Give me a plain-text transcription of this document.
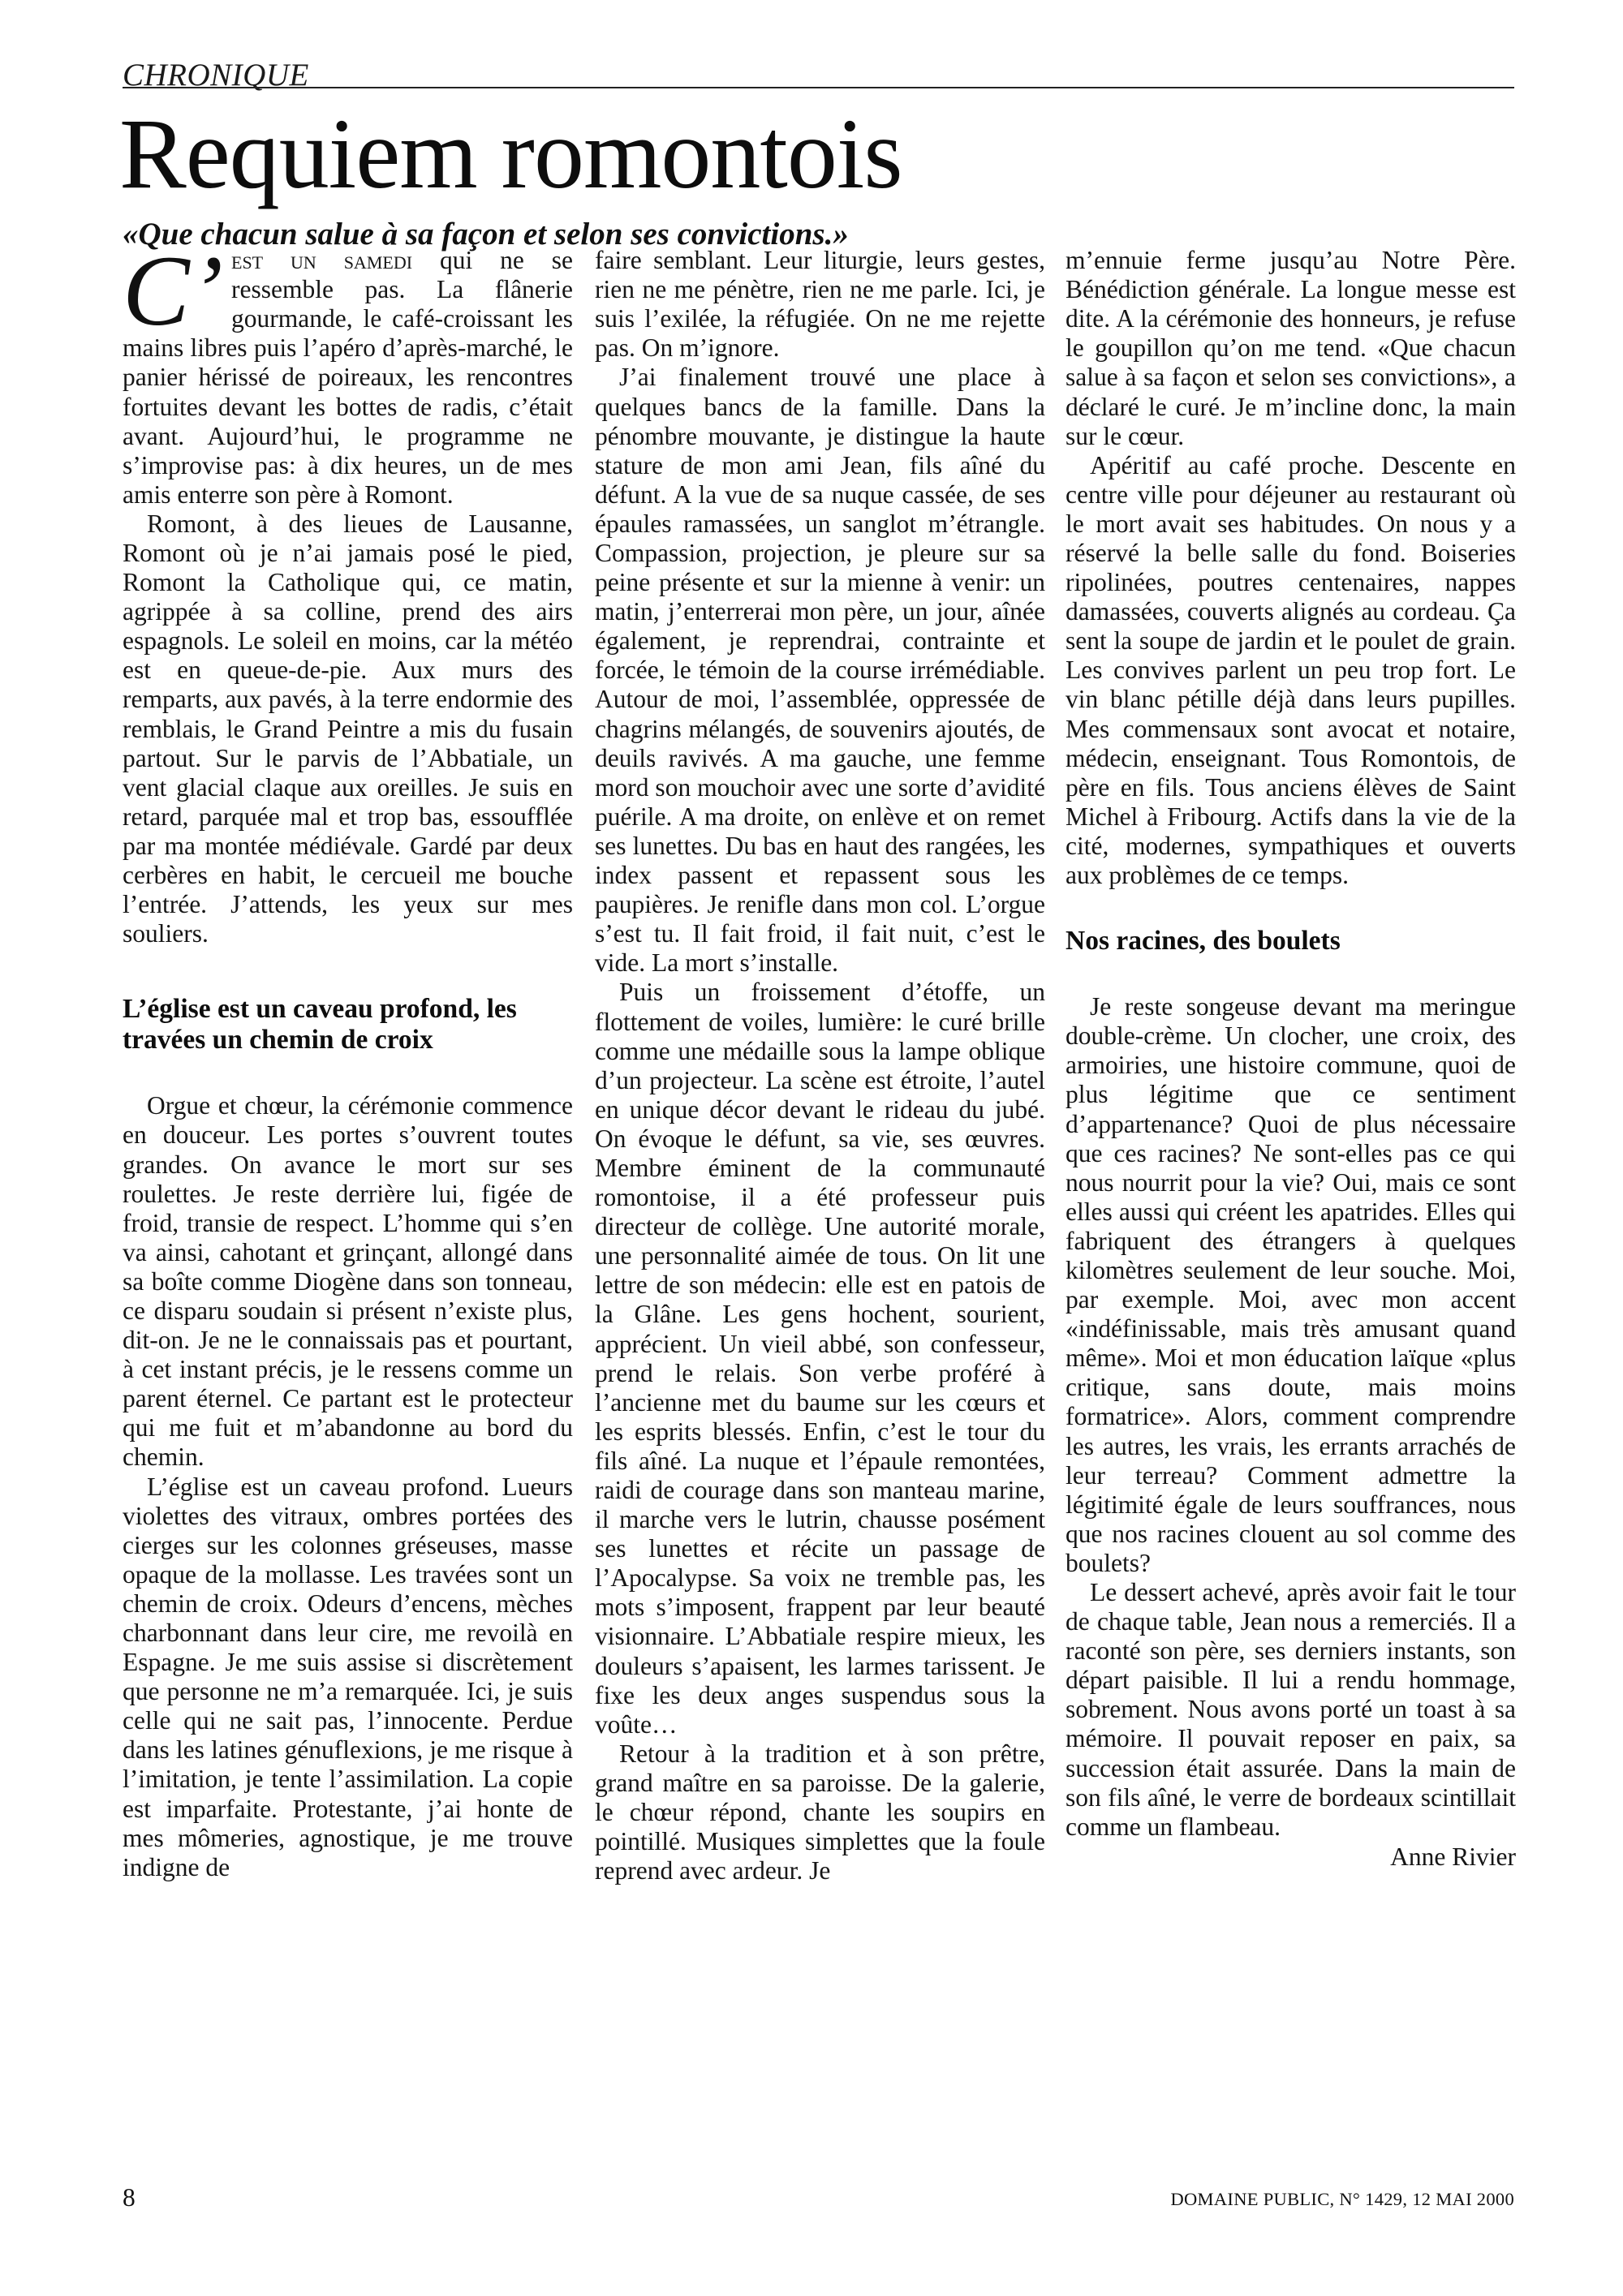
CHRONIQUE
Requiem romontois
«Que chacun salue à sa façon et selon ses convictions.»

C’ est un samedi qui ne se ressemble pas. La flânerie gourmande, le café-croissant les mains libres puis l’apéro d’après-marché, le panier hérissé de poireaux, les rencontres fortuites devant les bottes de radis, c’était avant. Aujourd’hui, le programme ne s’improvise pas: à dix heures, un de mes amis enterre son père à Romont.

Romont, à des lieues de Lausanne, Romont où je n’ai jamais posé le pied, Romont la Catholique qui, ce matin, agrippée à sa colline, prend des airs espagnols. Le soleil en moins, car la météo est en queue-de-pie. Aux murs des remparts, aux pavés, à la terre endormie des remblais, le Grand Peintre a mis du fusain partout. Sur le parvis de l’Abbatiale, un vent glacial claque aux oreilles. Je suis en retard, parquée mal et trop bas, essoufflée par ma montée médiévale. Gardé par deux cerbères en habit, le cercueil me bouche l’entrée. J’attends, les yeux sur mes souliers.

L’église est un caveau profond, les travées un chemin de croix

Orgue et chœur, la cérémonie commence en douceur. Les portes s’ouvrent toutes grandes. On avance le mort sur ses roulettes. Je reste derrière lui, figée de froid, transie de respect. L’homme qui s’en va ainsi, cahotant et grinçant, allongé dans sa boîte comme Diogène dans son tonneau, ce disparu soudain si présent n’existe plus, dit-on. Je ne le connaissais pas et pourtant, à cet instant précis, je le ressens comme un parent éternel. Ce partant est le protecteur qui me fuit et m’abandonne au bord du chemin.

L’église est un caveau profond. Lueurs violettes des vitraux, ombres portées des cierges sur les colonnes gréseuses, masse opaque de la mollasse. Les travées sont un chemin de croix. Odeurs d’encens, mèches charbonnant dans leur cire, me revoilà en Espagne. Je me suis assise si discrètement que personne ne m’a remarquée. Ici, je suis celle qui ne sait pas, l’innocente. Perdue dans les latines génuflexions, je me risque à l’imitation, je tente l’assimilation. La copie est imparfaite. Protestante, j’ai honte de mes mômeries, agnostique, je me trouve indigne de

faire semblant. Leur liturgie, leurs gestes, rien ne me pénètre, rien ne me parle. Ici, je suis l’exilée, la réfugiée. On ne me rejette pas. On m’ignore.

J’ai finalement trouvé une place à quelques bancs de la famille. Dans la pénombre mouvante, je distingue la haute stature de mon ami Jean, fils aîné du défunt. A la vue de sa nuque cassée, de ses épaules ramassées, un sanglot m’étrangle. Compassion, projection, je pleure sur sa peine présente et sur la mienne à venir: un matin, j’enterrerai mon père, un jour, aînée également, je reprendrai, contrainte et forcée, le témoin de la course irrémédiable. Autour de moi, l’assemblée, oppressée de chagrins mélangés, de souvenirs ajoutés, de deuils ravivés. A ma gauche, une femme mord son mouchoir avec une sorte d’avidité puérile. A ma droite, on enlève et on remet ses lunettes. Du bas en haut des rangées, les index passent et repassent sous les paupières. Je renifle dans mon col. L’orgue s’est tu. Il fait froid, il fait nuit, c’est le vide. La mort s’installe.

Puis un froissement d’étoffe, un flottement de voiles, lumière: le curé brille comme une médaille sous la lampe oblique d’un projecteur. La scène est étroite, l’autel en unique décor devant le rideau du jubé. On évoque le défunt, sa vie, ses œuvres. Membre éminent de la communauté romontoise, il a été professeur puis directeur de collège. Une autorité morale, une personnalité aimée de tous. On lit une lettre de son médecin: elle est en patois de la Glâne. Les gens hochent, sourient, apprécient. Un vieil abbé, son confesseur, prend le relais. Son verbe proféré à l’ancienne met du baume sur les cœurs et les esprits blessés. Enfin, c’est le tour du fils aîné. La nuque et l’épaule remontées, raidi de courage dans son manteau marine, il marche vers le lutrin, chausse posément ses lunettes et récite un passage de l’Apocalypse. Sa voix ne tremble pas, les mots s’imposent, frappent par leur beauté visionnaire. L’Abbatiale respire mieux, les douleurs s’apaisent, les larmes tarissent. Je fixe les deux anges suspendus sous la voûte…

Retour à la tradition et à son prêtre, grand maître en sa paroisse. De la galerie, le chœur répond, chante les soupirs en pointillé. Musiques simplettes que la foule reprend avec ardeur. Je

m’ennuie ferme jusqu’au Notre Père. Bénédiction générale. La longue messe est dite. A la cérémonie des honneurs, je refuse le goupillon qu’on me tend. «Que chacun salue à sa façon et selon ses convictions», a déclaré le curé. Je m’incline donc, la main sur le cœur.

Apéritif au café proche. Descente en centre ville pour déjeuner au restaurant où le mort avait ses habitudes. On nous y a réservé la belle salle du fond. Boiseries ripolinées, poutres centenaires, nappes damassées, couverts alignés au cordeau. Ça sent la soupe de jardin et le poulet de grain. Les convives parlent un peu trop fort. Le vin blanc pétille déjà dans leurs pupilles. Mes commensaux sont avocat et notaire, médecin, enseignant. Tous Romontois, de père en fils. Tous anciens élèves de Saint Michel à Fribourg. Actifs dans la vie de la cité, modernes, sympathiques et ouverts aux problèmes de ce temps.

Nos racines, des boulets

Je reste songeuse devant ma meringue double-crème. Un clocher, une croix, des armoiries, une histoire commune, quoi de plus légitime que ce sentiment d’appartenance? Quoi de plus nécessaire que ces racines? Ne sont-elles pas ce qui nous nourrit pour la vie? Oui, mais ce sont elles aussi qui créent les apatrides. Elles qui fabriquent des étrangers à quelques kilomètres seulement de leur souche. Moi, par exemple. Moi, avec mon accent «indéfinissable, mais très amusant quand même». Moi et mon éducation laïque «plus critique, sans doute, mais moins formatrice». Alors, comment comprendre les autres, les vrais, les errants arrachés de leur terreau? Comment admettre la légitimité égale de leurs souffrances, nous que nos racines clouent au sol comme des boulets?

Le dessert achevé, après avoir fait le tour de chaque table, Jean nous a remerciés. Il a raconté son père, ses derniers instants, son départ paisible. Il lui a rendu hommage, sobrement. Nous avons porté un toast à sa mémoire. Il pouvait reposer en paix, sa succession était assurée. Dans la main de son fils aîné, le verre de bordeaux scintillait comme un flambeau.

Anne Rivier
8	DOMAINE PUBLIC, N° 1429, 12 MAI 2000
